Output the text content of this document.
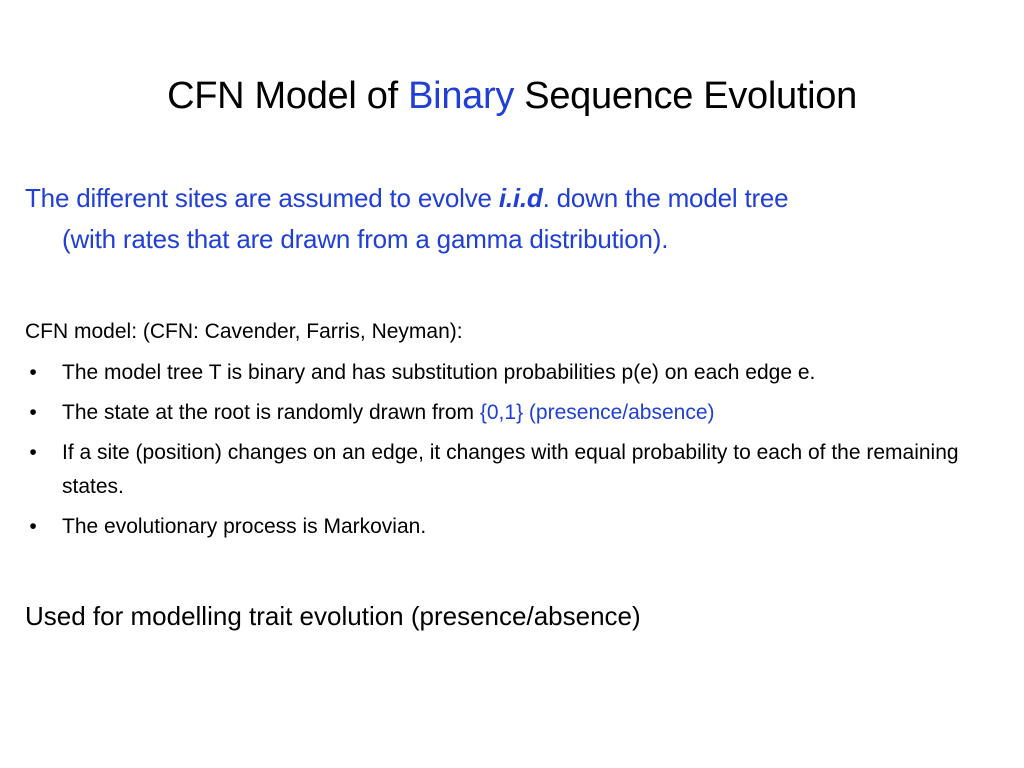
CFN Model of Binary Sequence Evolution
The different sites are assumed to evolve i.i.d. down the model tree
(with rates that are drawn from a gamma distribution).
CFN model: (CFN: Cavender, Farris, Neyman):
• The model tree T is binary and has substitution probabilities p(e) on each edge e.
• The state at the root is randomly drawn from {0,1} (presence/absence)
• If a site (position) changes on an edge, it changes with equal probability to each of the remaining states.
• The evolutionary process is Markovian.
Used for modelling trait evolution (presence/absence)
